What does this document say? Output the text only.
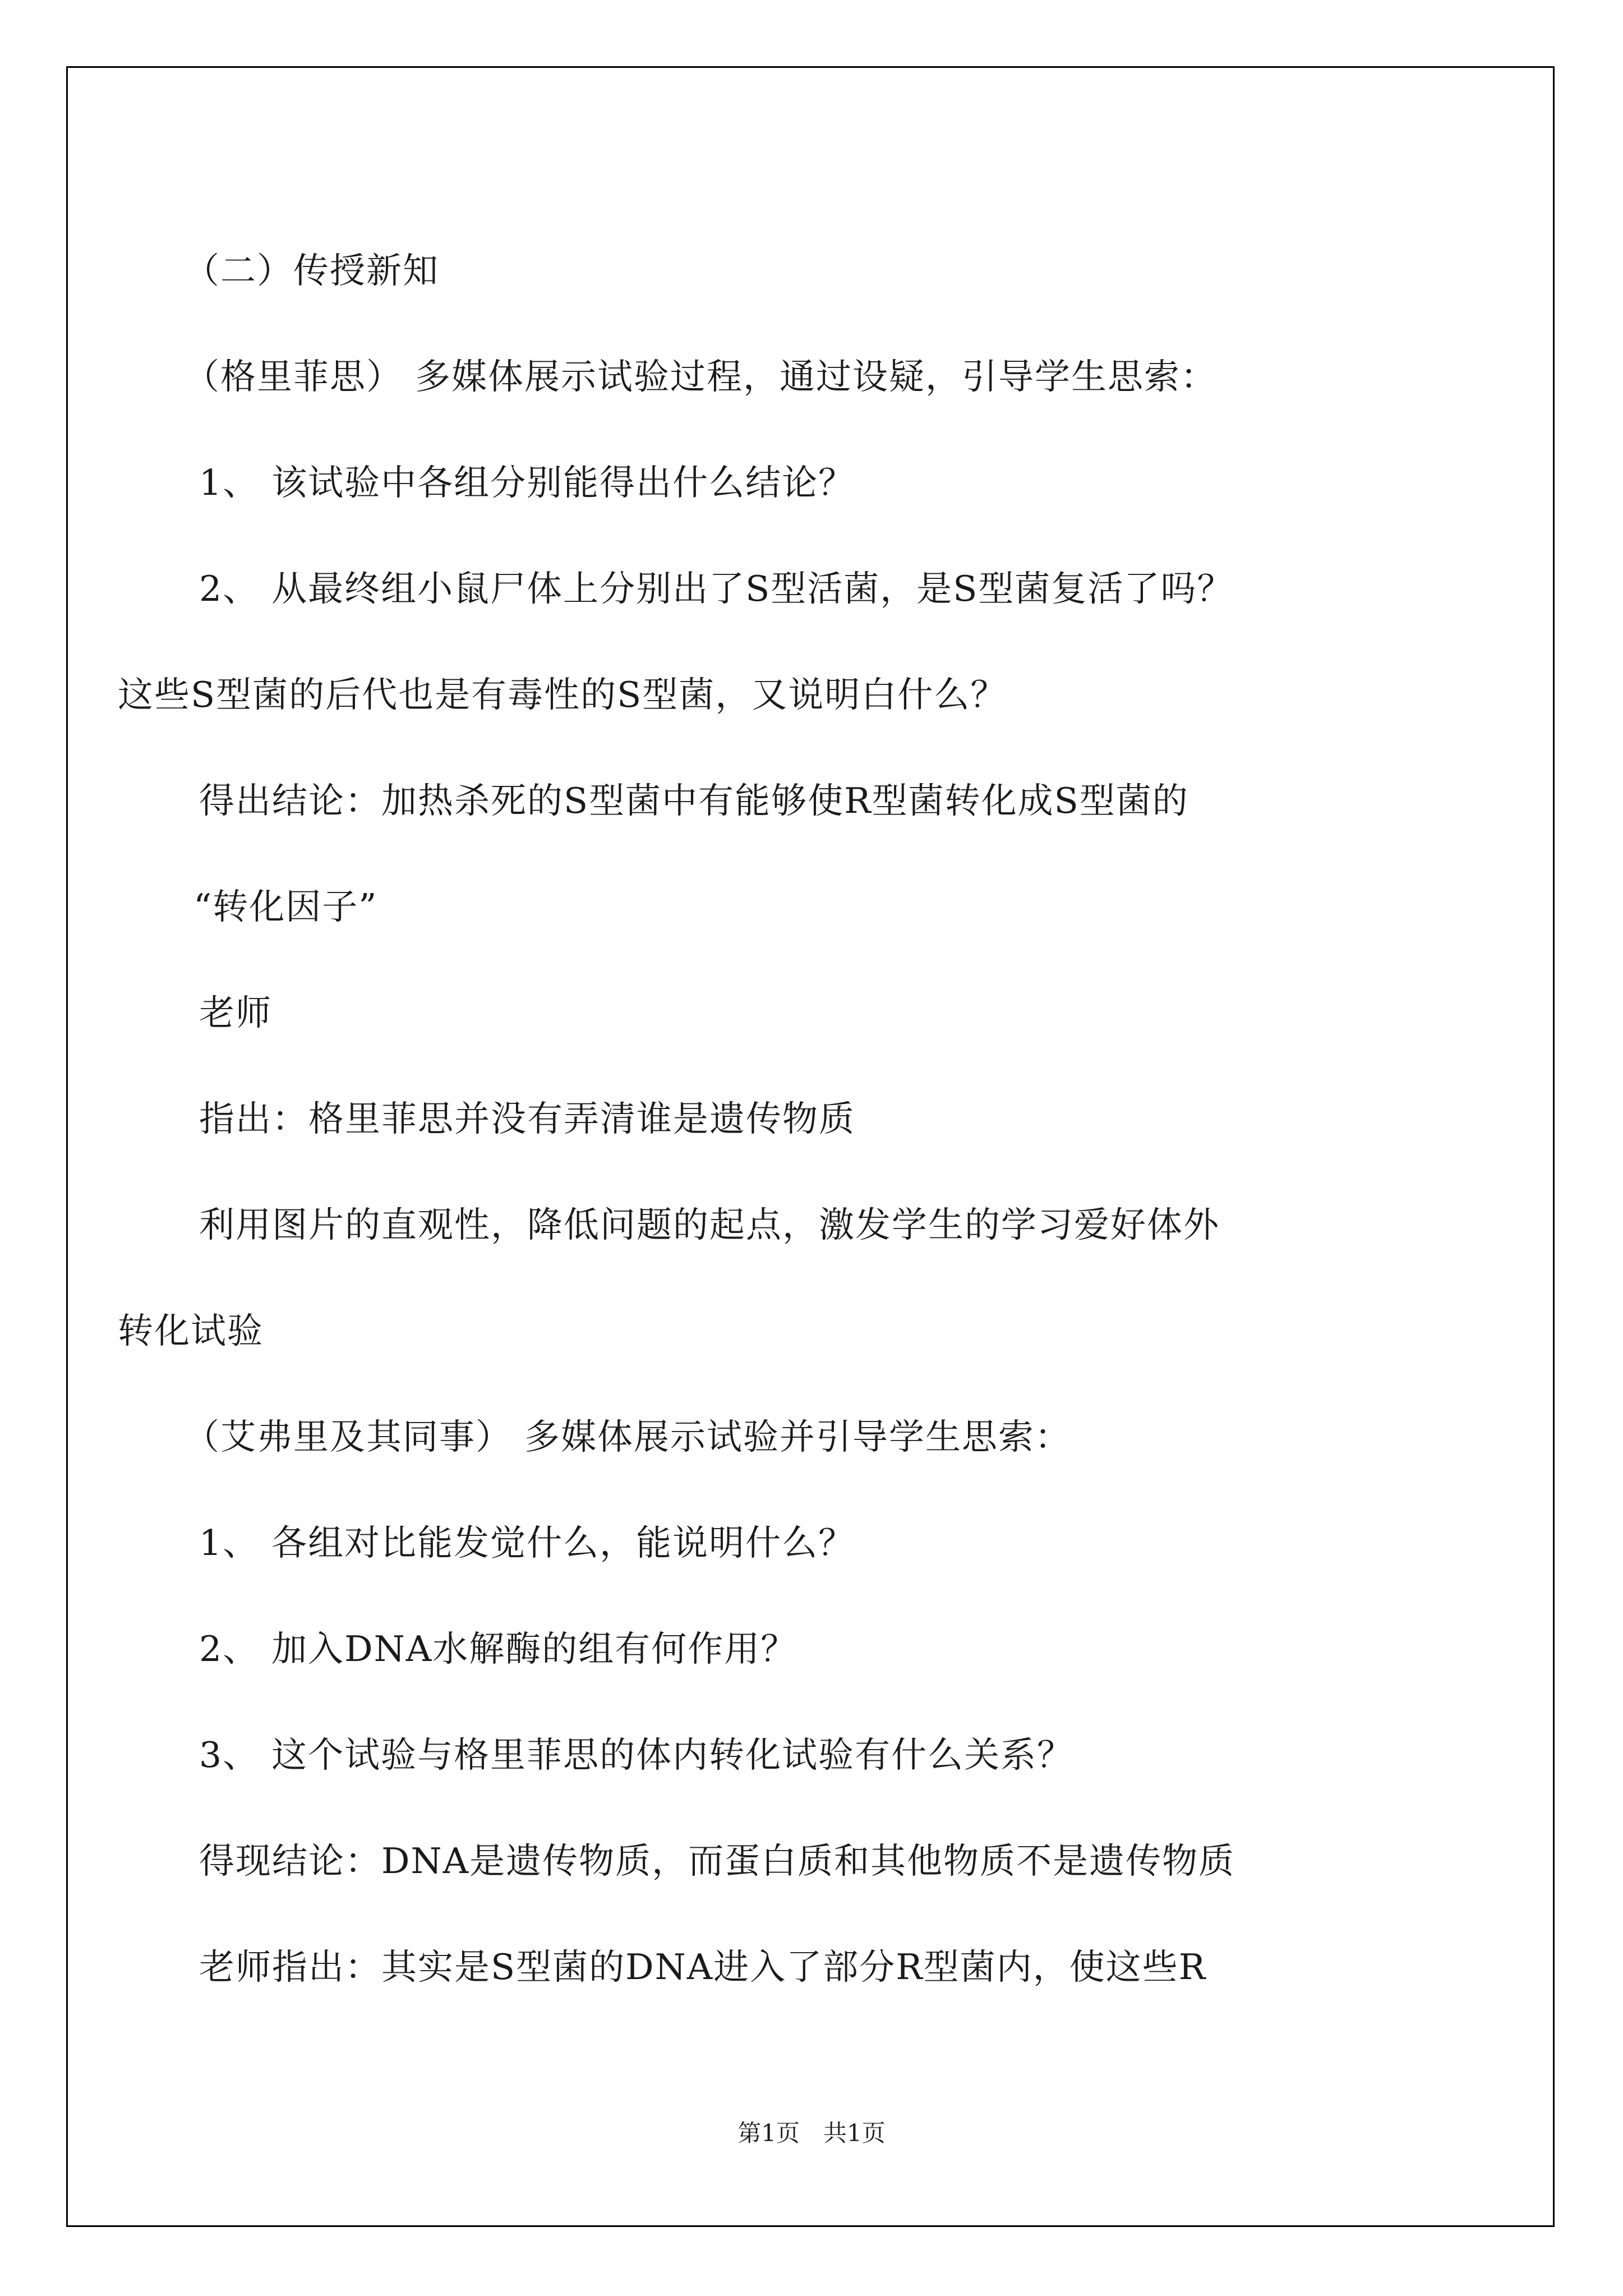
（二）传授新知
（格里菲思） 多媒体展示试验过程，通过设疑，引导学生思索：
1、 该试验中各组分别能得出什么结论？
2、 从最终组小鼠尸体上分别出了S型活菌，是S型菌复活了吗？
这些S型菌的后代也是有毒性的S型菌，又说明白什么？
得出结论：加热杀死的S型菌中有能够使R型菌转化成S型菌的
“转化因子”
老师
指出：格里菲思并没有弄清谁是遗传物质
利用图片的直观性，降低问题的起点，激发学生的学习爱好体外
转化试验
（艾弗里及其同事） 多媒体展示试验并引导学生思索：
1、 各组对比能发觉什么，能说明什么？
2、 加入DNA水解酶的组有何作用？
3、 这个试验与格里菲思的体内转化试验有什么关系？
得现结论：DNA是遗传物质，而蛋白质和其他物质不是遗传物质
老师指出：其实是S型菌的DNA进入了部分R型菌内，使这些R
第1页　共1页
